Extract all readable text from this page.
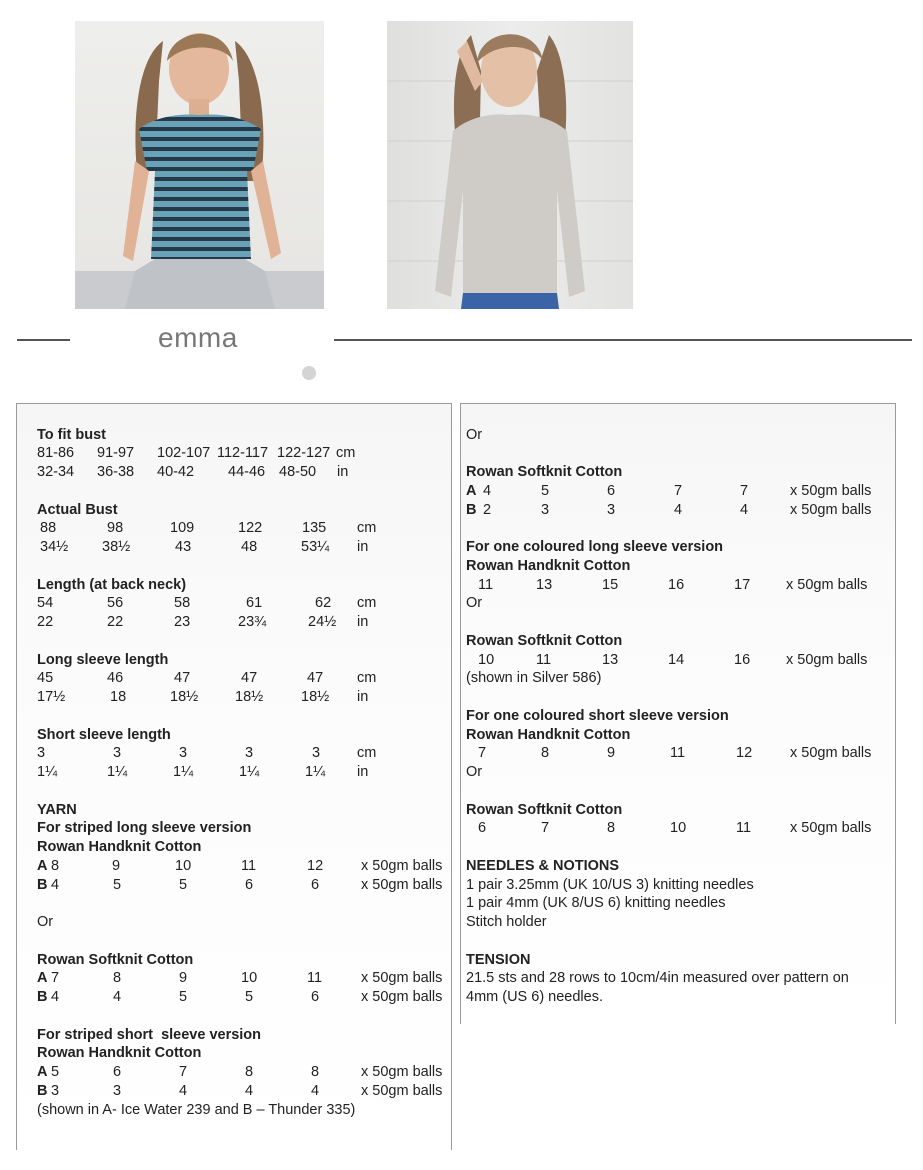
emma
To fit bust
81-86 91-97 102-107 112-117 122-127 cm
32-34 36-38 40-42 44-46 48-50 in
Actual Bust
88	98	109	122	135 cm
34½ 38½	43	48	53¼ in
Length (at back neck)
54	56	58	61	62 cm
22	22	23	23¾	24½ in
Long sleeve length
45	46	47	47	47 cm
17½	18	18½	18½	18½ in
Short sleeve length
3	3	3	3	3	cm
1¼	1¼	1¼	1¼	1¼ in
YARN
For striped long sleeve version
Rowan Handknit Cotton
A 8	9	10	11	12	x 50gm balls
B 4	5	5	6	6	x 50gm balls
Or
Rowan Softknit Cotton
A 7	8	9	10	11	x 50gm balls
B 4	4	5	5	6	x 50gm balls
For striped short  sleeve version
Rowan Handknit Cotton
A 5	6	7	8	8	x 50gm balls
B 3	3	4	4	4	x 50gm balls
(shown in A- Ice Water 239 and B – Thunder 335)
Or
Rowan Softknit Cotton
A 4	5	6	7	7	x 50gm balls
B 2	3	3	4	4	x 50gm balls
For one coloured long sleeve version
Rowan Handknit Cotton
11	13	15	16	17 x 50gm balls
Or
Rowan Softknit Cotton
10	11	13	14	16 x 50gm balls
(shown in Silver 586)
For one coloured short sleeve version
Rowan Handknit Cotton
7	8	9	11	12	x 50gm balls
Or
Rowan Softknit Cotton
6	7	8	10	11	x 50gm balls
NEEDLES & NOTIONS
1 pair 3.25mm (UK 10/US 3) knitting needles
1 pair 4mm (UK 8/US 6) knitting needles
Stitch holder
TENSION
21.5 sts and 28 rows to 10cm/4in measured over pattern on
4mm (US 6) needles.
